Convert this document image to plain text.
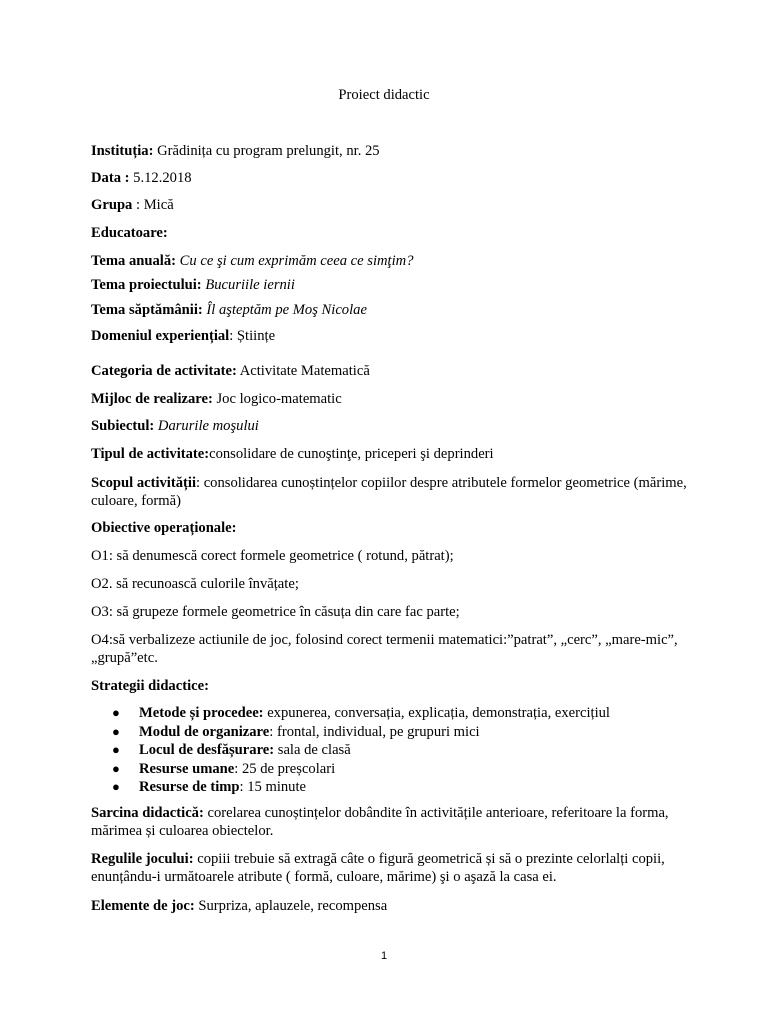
Proiect didactic
Instituția: Grădinița cu program prelungit, nr. 25
Data : 5.12.2018
Grupa : Mică
Educatoare:
Tema anuală: Cu ce şi cum exprimăm ceea ce simţim?
Tema proiectului: Bucuriile iernii
Tema săptămânii: Îl aşteptăm pe Moş Nicolae
Domeniul experiențial: Științe
Categoria de activitate: Activitate Matematică
Mijloc de realizare: Joc logico-matematic
Subiectul: Darurile moşului
Tipul de activitate:consolidare de cunoştinţe, priceperi şi deprinderi
Scopul activității: consolidarea cunoștințelor copiilor despre atributele formelor geometrice (mărime, culoare, formă)
Obiective operaționale:
O1: să denumescă corect formele geometrice ( rotund, pătrat);
O2. să recunoască culorile învățate;
O3: să grupeze formele geometrice în căsuța din care fac parte;
O4:să verbalizeze actiunile de joc, folosind corect termenii matematici:”patrat”, „cerc”, „mare-mic”, „grupă”etc.
Strategii didactice:
● Metode și procedee: expunerea, conversația, explicația, demonstrația, exercițiul
● Modul de organizare: frontal, individual, pe grupuri mici
● Locul de desfășurare: sala de clasă
● Resurse umane: 25 de preșcolari
● Resurse de timp: 15 minute
Sarcina didactică: corelarea cunoștințelor dobândite în activitățile anterioare, referitoare la forma, mărimea și culoarea obiectelor.
Regulile jocului: copiii trebuie să extragă câte o figură geometrică și să o prezinte celorlalți copii, enunțându-i următoarele atribute ( formă, culoare, mărime) şi o aşază la casa ei.
Elemente de joc: Surpriza, aplauzele, recompensa
1
